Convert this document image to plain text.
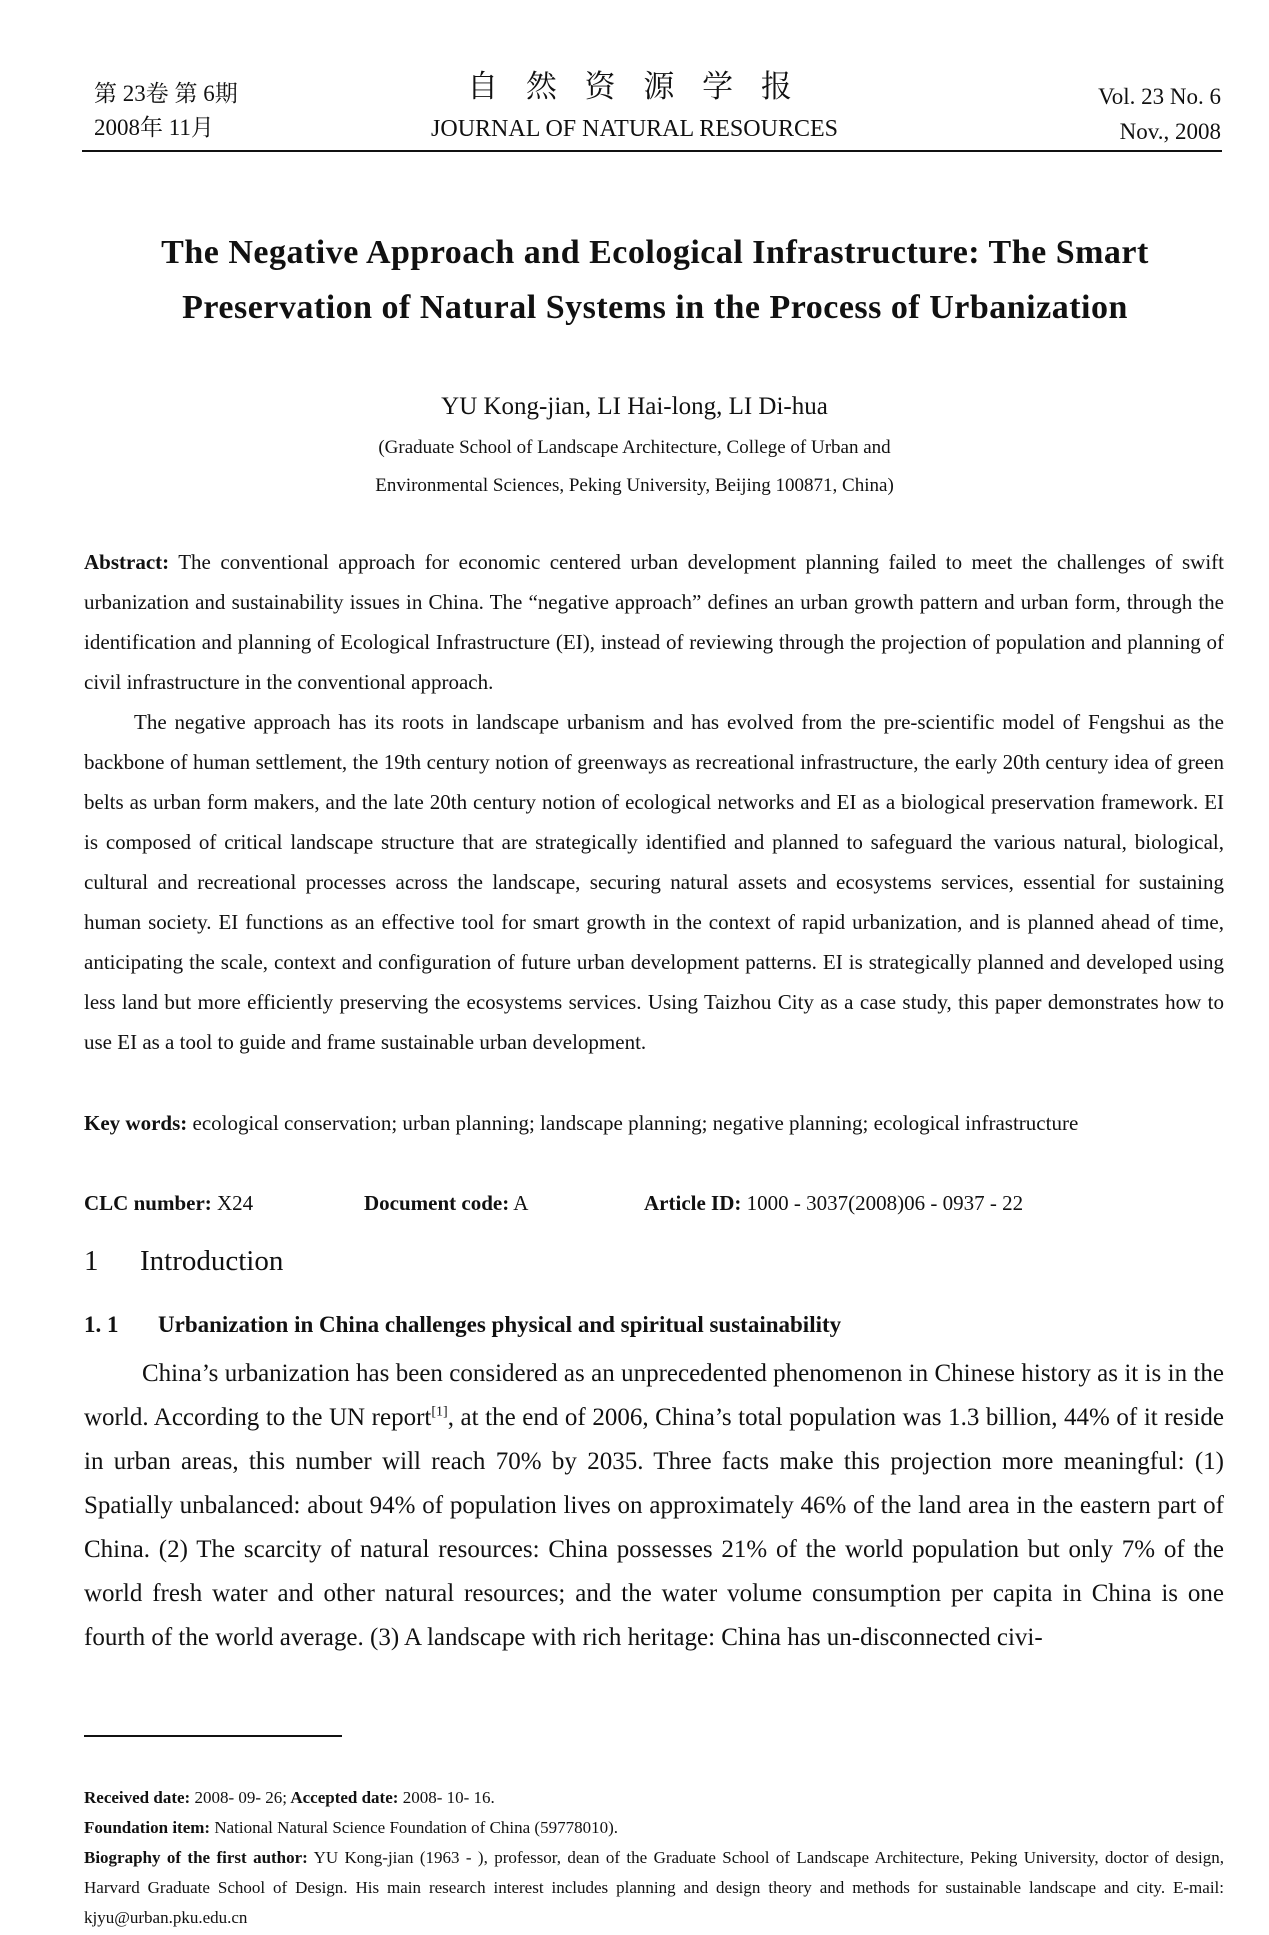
第 23卷 第 6期
2008年 11月
自 然 资 源 学 报
JOURNAL OF NATURAL RESOURCES
Vol. 23 No. 6
Nov., 2008
The Negative Approach and Ecological Infrastructure: The Smart
Preservation of Natural Systems in the Process of Urbanization
YU Kong-jian, LI Hai-long, LI Di-hua
(Graduate School of Landscape Architecture, College of Urban and
Environmental Sciences, Peking University, Beijing 100871, China)

Abstract: The conventional approach for economic centered urban development planning failed to meet the challenges of swift urbanization and sustainability issues in China. The “negative approach” defines an urban growth pattern and urban form, through the identification and planning of Ecological Infrastructure (EI), instead of reviewing through the projection of population and planning of civil infrastructure in the conventional approach.

The negative approach has its roots in landscape urbanism and has evolved from the pre-scientific model of Fengshui as the backbone of human settlement, the 19th century notion of greenways as recreational infrastructure, the early 20th century idea of green belts as urban form makers, and the late 20th century notion of ecological networks and EI as a biological preservation framework. EI is composed of critical landscape structure that are strategically identified and planned to safeguard the various natural, biological, cultural and recreational processes across the landscape, securing natural assets and ecosystems services, essential for sustaining human society. EI functions as an effective tool for smart growth in the context of rapid urbanization, and is planned ahead of time, anticipating the scale, context and configuration of future urban development patterns. EI is strategically planned and developed using less land but more efficiently preserving the ecosystems services. Using Taizhou City as a case study, this paper demonstrates how to use EI as a tool to guide and frame sustainable urban development.

Key words: ecological conservation; urban planning; landscape planning; negative planning; ecological infrastructure

CLC number: X24	Document code: A	Article ID: 1000 - 3037(2008)06 - 0937 - 22
1 Introduction
1. 1 Urbanization in China challenges physical and spiritual sustainability

China’s urbanization has been considered as an unprecedented phenomenon in Chinese history as it is in the world. According to the UN report[1], at the end of 2006, China’s total population was 1.3 billion, 44% of it reside in urban areas, this number will reach 70% by 2035. Three facts make this projection more meaningful: (1) Spatially unbalanced: about 94% of population lives on approximately 46% of the land area in the eastern part of China. (2) The scarcity of natural resources: China possesses 21% of the world population but only 7% of the world fresh water and other natural resources; and the water volume consumption per capita in China is one fourth of the world average. (3) A landscape with rich heritage: China has un-disconnected civi-

Received date: 2008- 09- 26; Accepted date: 2008- 10- 16.

Foundation item: National Natural Science Foundation of China (59778010).

Biography of the first author: YU Kong-jian (1963 - ), professor, dean of the Graduate School of Landscape Architecture, Peking University, doctor of design, Harvard Graduate School of Design. His main research interest includes planning and design theory and methods for sustainable landscape and city. E-mail: kjyu@urban.pku.edu.cn
